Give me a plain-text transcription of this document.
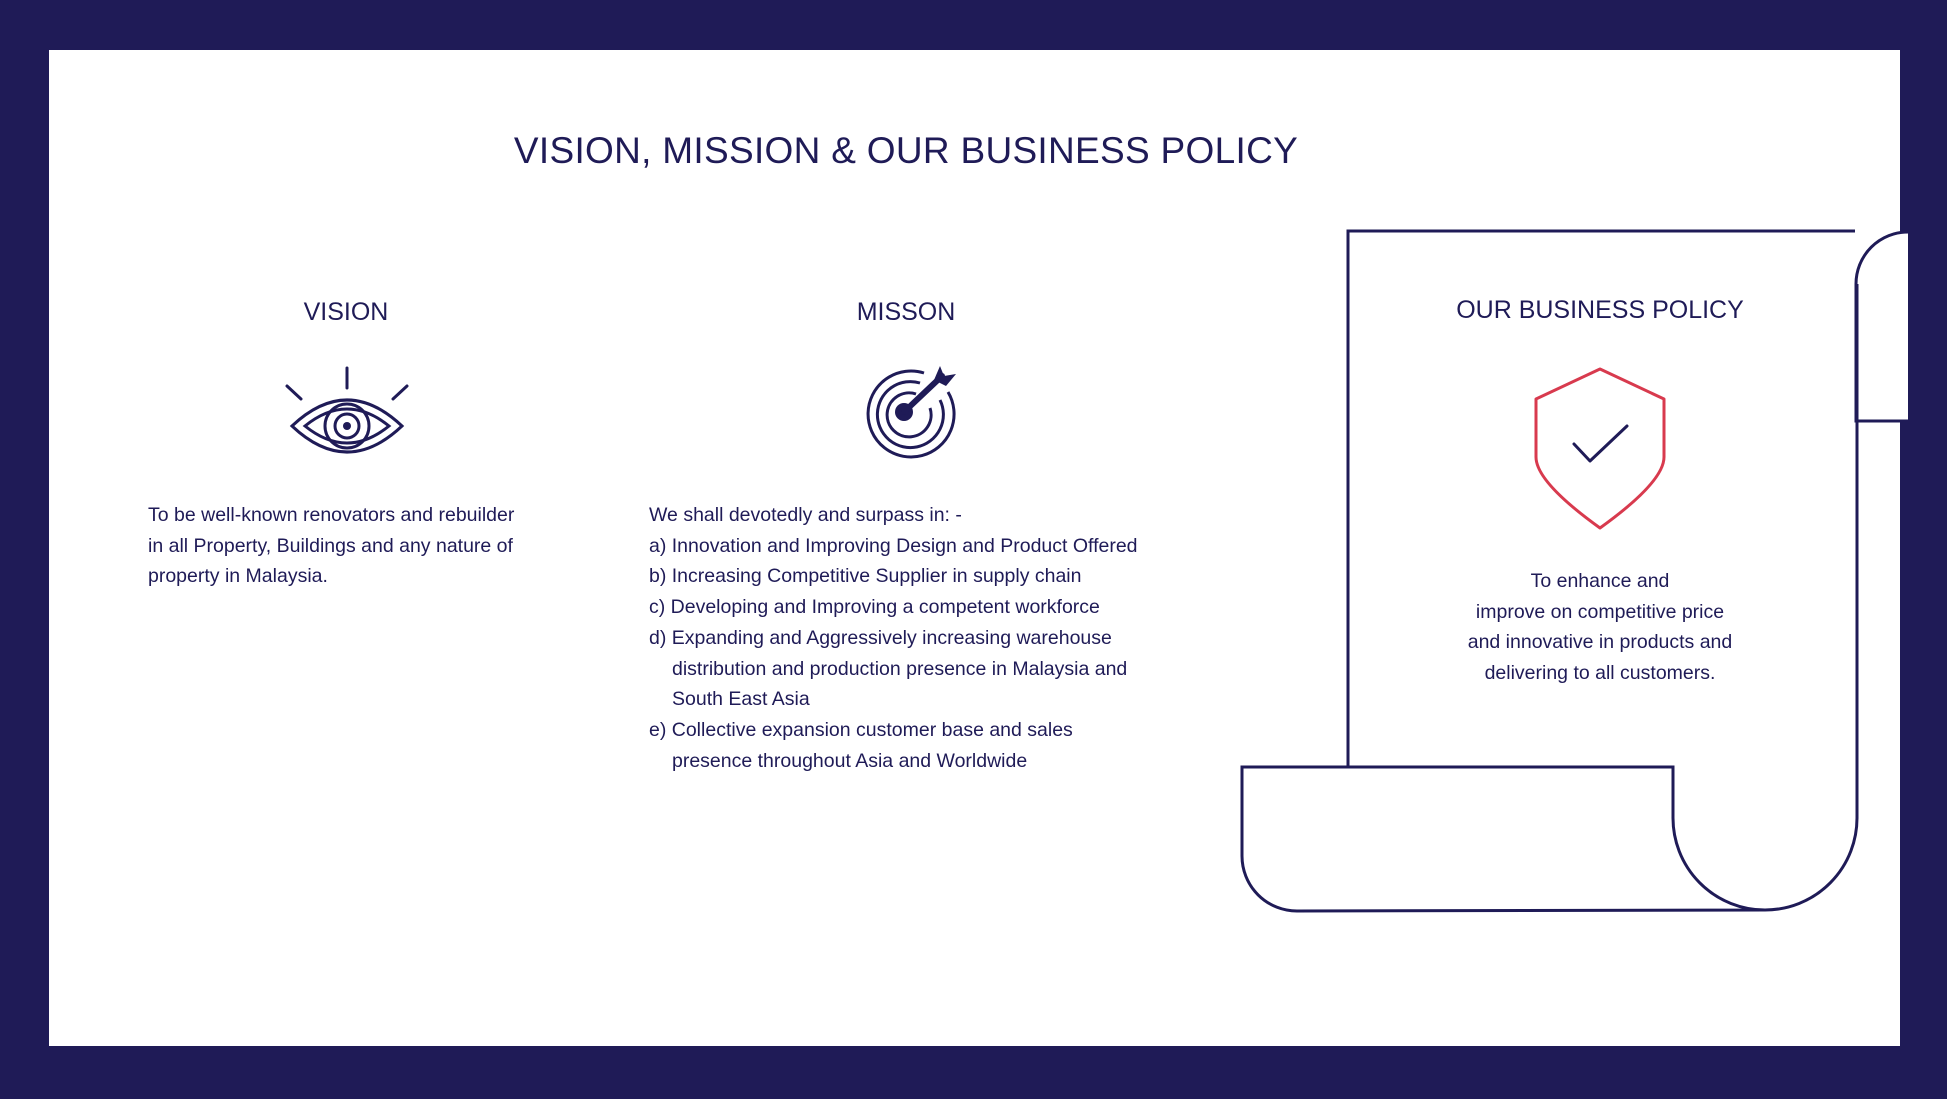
VISION, MISSION & OUR BUSINESS POLICY
VISION
To be well-known renovators and rebuilder
in all Property, Buildings and any nature of
property in Malaysia.
MISSON
We shall devotedly and surpass in: -
a) Innovation and Improving Design and Product Offered
b) Increasing Competitive Supplier in supply chain
c) Developing and Improving a competent workforce
d) Expanding and Aggressively increasing warehouse
distribution and production presence in Malaysia and
South East Asia
e) Collective expansion customer base and sales
presence throughout Asia and Worldwide
OUR BUSINESS POLICY
To enhance and
improve on competitive price
and innovative in products and
delivering to all customers.
